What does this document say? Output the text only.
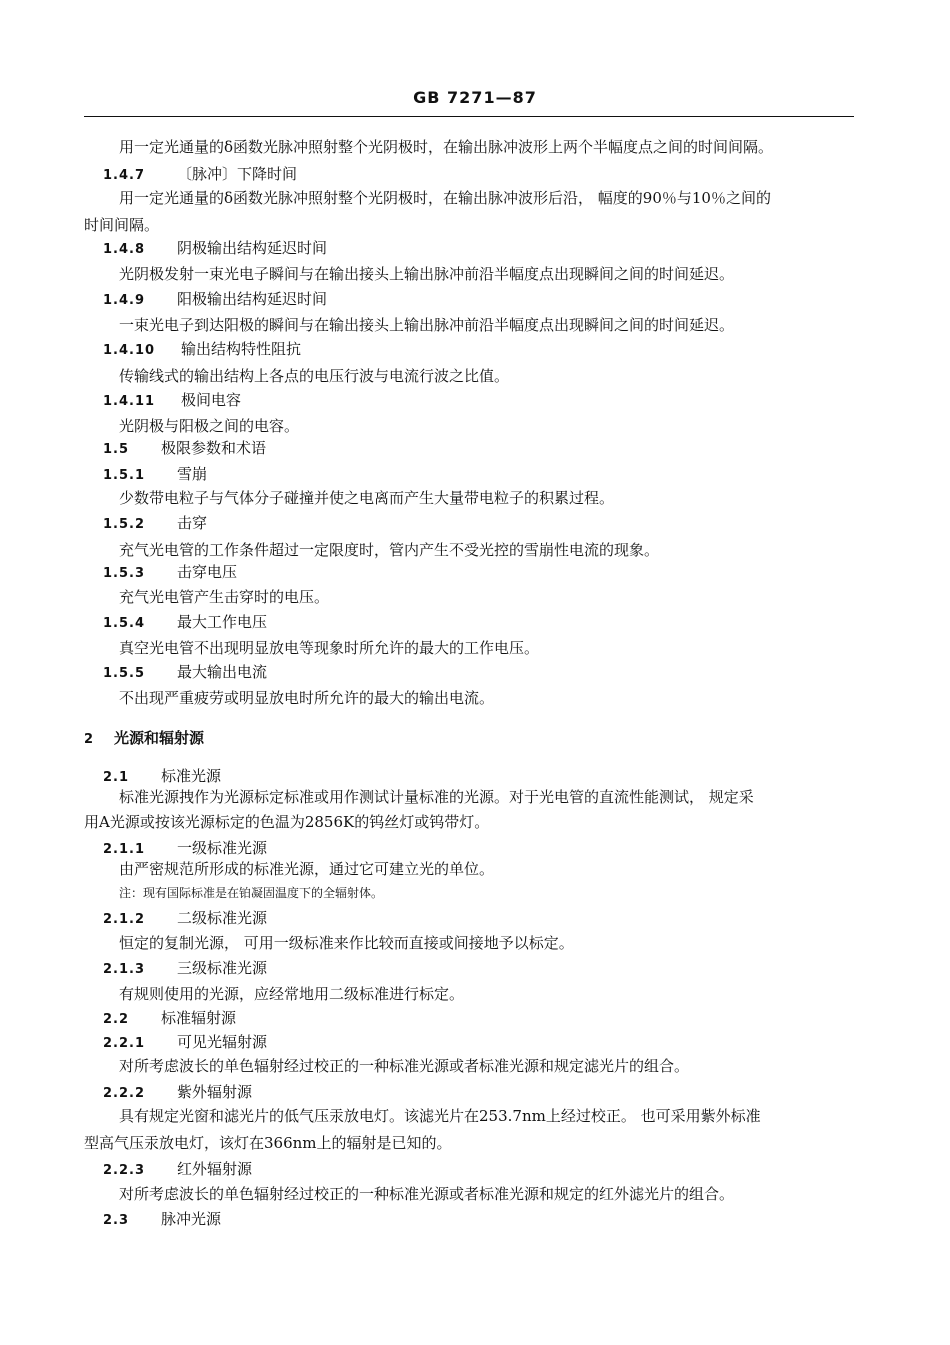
GB 7271—87
用一定光通量的δ函数光脉冲照射整个光阴极时，在输出脉冲波形上两个半幅度点之间的时间间隔。
1.4.7 〔脉冲〕下降时间
用一定光通量的δ函数光脉冲照射整个光阴极时，在输出脉冲波形后沿， 幅度的90％与10％之间的
时间间隔。
1.4.8 阴极输出结构延迟时间
光阴极发射一束光电子瞬间与在输出接头上输出脉冲前沿半幅度点出现瞬间之间的时间延迟。
1.4.9 阳极输出结构延迟时间
一束光电子到达阳极的瞬间与在输出接头上输出脉冲前沿半幅度点出现瞬间之间的时间延迟。
1.4.10 输出结构特性阻抗
传输线式的输出结构上各点的电压行波与电流行波之比值。
1.4.11 极间电容
光阴极与阳极之间的电容。
1.5 极限参数和术语
1.5.1 雪崩
少数带电粒子与气体分子碰撞并使之电离而产生大量带电粒子的积累过程。
1.5.2 击穿
充气光电管的工作条件超过一定限度时，管内产生不受光控的雪崩性电流的现象。
1.5.3 击穿电压
充气光电管产生击穿时的电压。
1.5.4 最大工作电压
真空光电管不出现明显放电等现象时所允许的最大的工作电压。
1.5.5 最大输出电流
不出现严重疲劳或明显放电时所允许的最大的输出电流。
2 光源和辐射源
2.1 标准光源
标准光源拽作为光源标定标准或用作测试计量标准的光源。对于光电管的直流性能测试， 规定采
用A光源或按该光源标定的色温为2856K的钨丝灯或钨带灯。
2.1.1 一级标准光源
由严密规范所形成的标准光源，通过它可建立光的单位。
注：现有国际标准是在铂凝固温度下的全辐射体。
2.1.2 二级标准光源
恒定的复制光源， 可用一级标准来作比较而直接或间接地予以标定。
2.1.3 三级标准光源
有规则使用的光源，应经常地用二级标准进行标定。
2.2 标准辐射源
2.2.1 可见光辐射源
对所考虑波长的单色辐射经过校正的一种标准光源或者标准光源和规定滤光片的组合。
2.2.2 紫外辐射源
具有规定光窗和滤光片的低气压汞放电灯。该滤光片在253.7nm上经过校正。 也可采用紫外标准
型高气压汞放电灯，该灯在366nm上的辐射是已知的。
2.2.3 红外辐射源
对所考虑波长的单色辐射经过校正的一种标准光源或者标准光源和规定的红外滤光片的组合。
2.3 脉冲光源
